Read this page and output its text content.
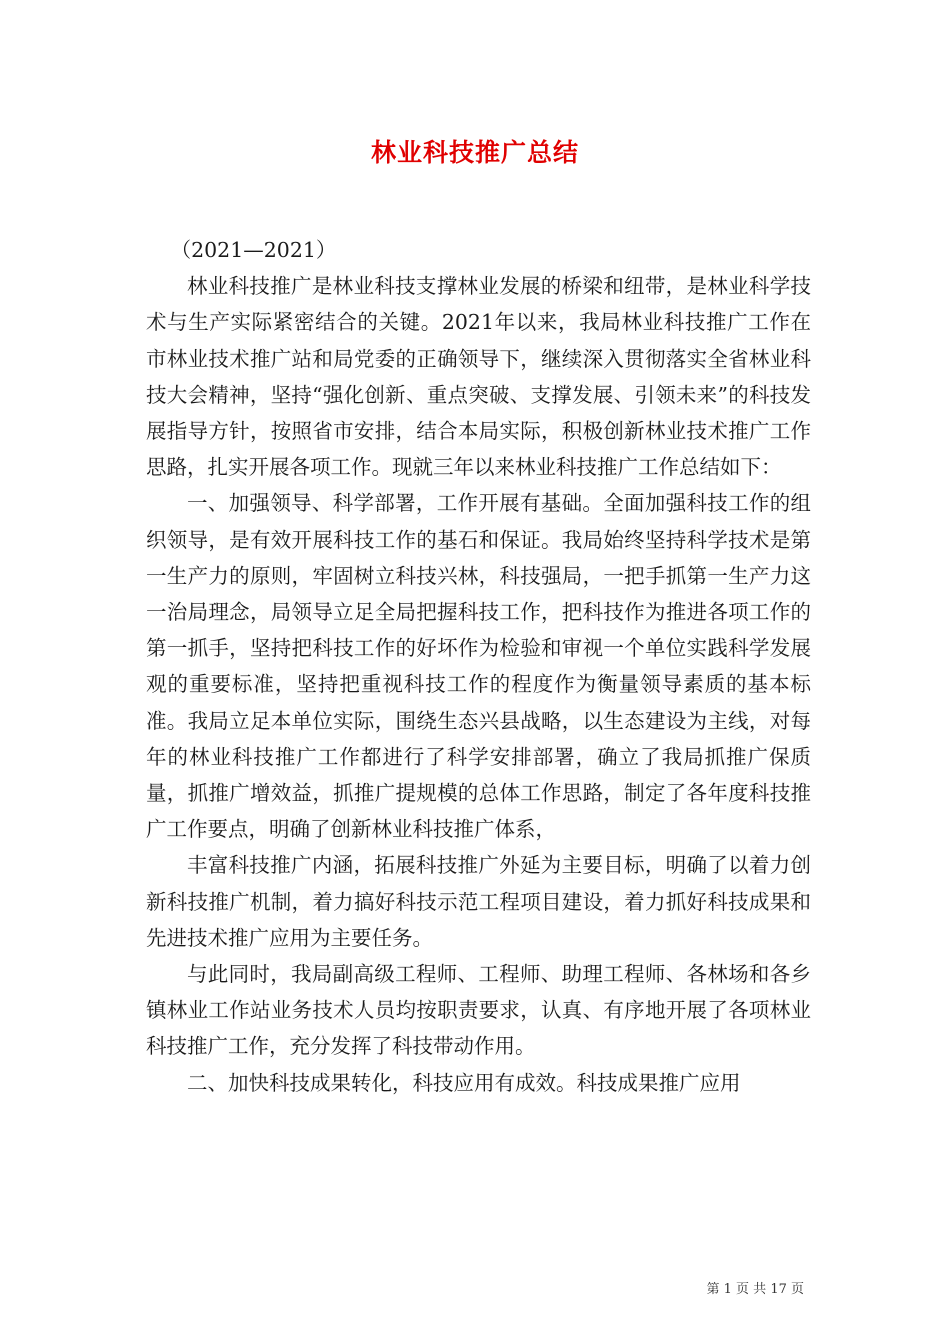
林业科技推广总结

（2021—2021）

林业科技推广是林业科技支撑林业发展的桥梁和纽带，是林业科学技术与生产实际紧密结合的关键。2021年以来，我局林业科技推广工作在市林业技术推广站和局党委的正确领导下，继续深入贯彻落实全省林业科技大会精神，坚持“强化创新、重点突破、支撑发展、引领未来”的科技发展指导方针，按照省市安排，结合本局实际，积极创新林业技术推广工作思路，扎实开展各项工作。现就三年以来林业科技推广工作总结如下：

一、加强领导、科学部署，工作开展有基础。全面加强科技工作的组织领导，是有效开展科技工作的基石和保证。我局始终坚持科学技术是第一生产力的原则，牢固树立科技兴林，科技强局，一把手抓第一生产力这一治局理念，局领导立足全局把握科技工作，把科技作为推进各项工作的第一抓手，坚持把科技工作的好坏作为检验和审视一个单位实践科学发展观的重要标准，坚持把重视科技工作的程度作为衡量领导素质的基本标准。我局立足本单位实际，围绕生态兴县战略，以生态建设为主线，对每年的林业科技推广工作都进行了科学安排部署，确立了我局抓推广保质量，抓推广增效益，抓推广提规模的总体工作思路，制定了各年度科技推广工作要点，明确了创新林业科技推广体系，

丰富科技推广内涵，拓展科技推广外延为主要目标，明确了以着力创新科技推广机制，着力搞好科技示范工程项目建设，着力抓好科技成果和先进技术推广应用为主要任务。

与此同时，我局副高级工程师、工程师、助理工程师、各林场和各乡镇林业工作站业务技术人员均按职责要求，认真、有序地开展了各项林业科技推广工作，充分发挥了科技带动作用。

二、加快科技成果转化，科技应用有成效。科技成果推广应用

第 1 页 共 17 页
